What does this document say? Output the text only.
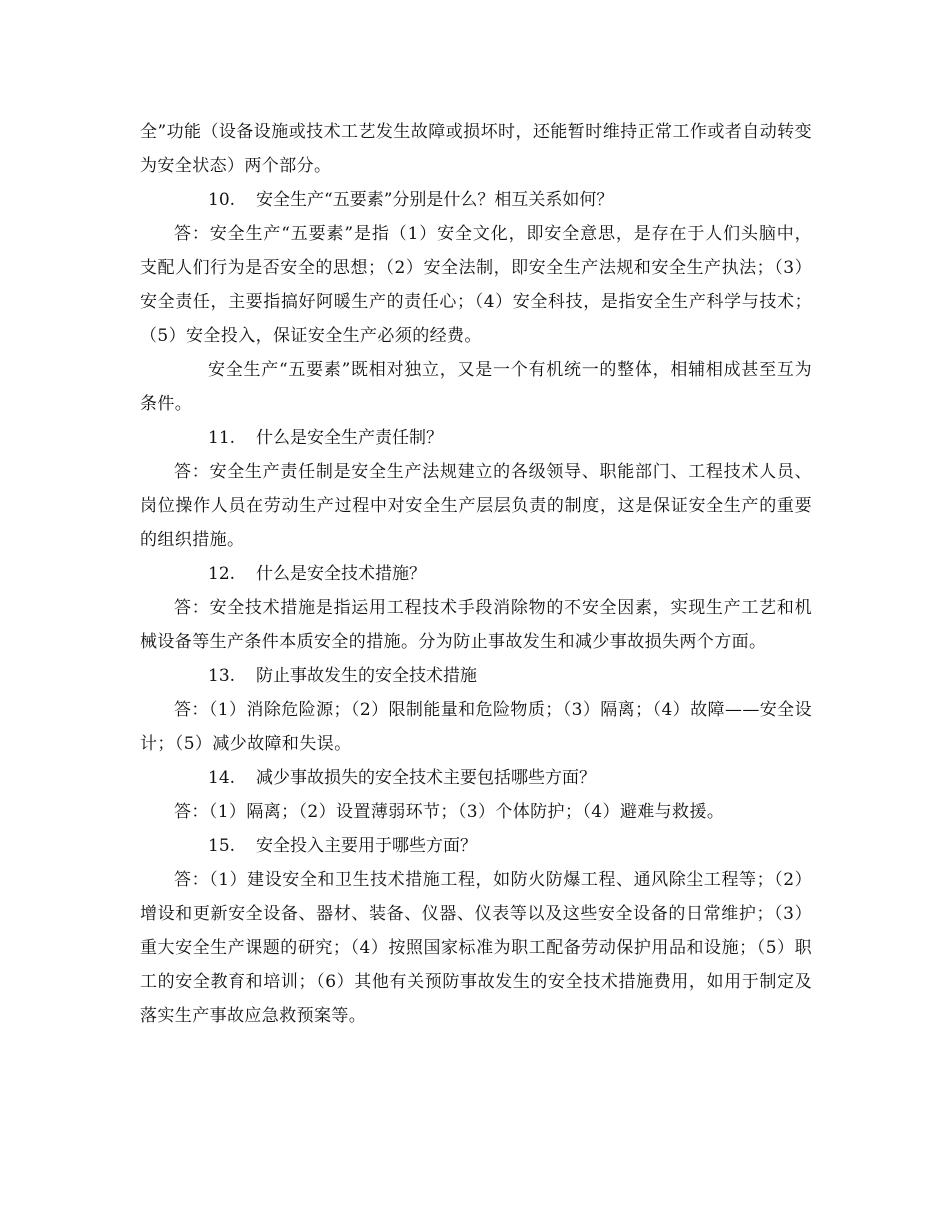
全”功能（设备设施或技术工艺发生故障或损坏时，还能暂时维持正常工作或者自动转变为安全状态）两个部分。

10. 安全生产“五要素”分别是什么？相互关系如何？

答：安全生产“五要素”是指（1）安全文化，即安全意思，是存在于人们头脑中，支配人们行为是否安全的思想；（2）安全法制，即安全生产法规和安全生产执法；（3）安全责任，主要指搞好阿暖生产的责任心；（4）安全科技，是指安全生产科学与技术；（5）安全投入，保证安全生产必须的经费。

安全生产“五要素”既相对独立，又是一个有机统一的整体，相辅相成甚至互为条件。

11. 什么是安全生产责任制？

答：安全生产责任制是安全生产法规建立的各级领导、职能部门、工程技术人员、岗位操作人员在劳动生产过程中对安全生产层层负责的制度，这是保证安全生产的重要的组织措施。

12. 什么是安全技术措施？

答：安全技术措施是指运用工程技术手段消除物的不安全因素，实现生产工艺和机械设备等生产条件本质安全的措施。分为防止事故发生和减少事故损失两个方面。

13. 防止事故发生的安全技术措施

答：（1）消除危险源；（2）限制能量和危险物质；（3）隔离；（4）故障——安全设计；（5）减少故障和失误。

14. 减少事故损失的安全技术主要包括哪些方面？

答：（1）隔离；（2）设置薄弱环节；（3）个体防护；（4）避难与救援。

15. 安全投入主要用于哪些方面？

答：（1）建设安全和卫生技术措施工程，如防火防爆工程、通风除尘工程等；（2）增设和更新安全设备、器材、装备、仪器、仪表等以及这些安全设备的日常维护；（3）重大安全生产课题的研究；（4）按照国家标准为职工配备劳动保护用品和设施；（5）职工的安全教育和培训；（6）其他有关预防事故发生的安全技术措施费用，如用于制定及落实生产事故应急救预案等。
